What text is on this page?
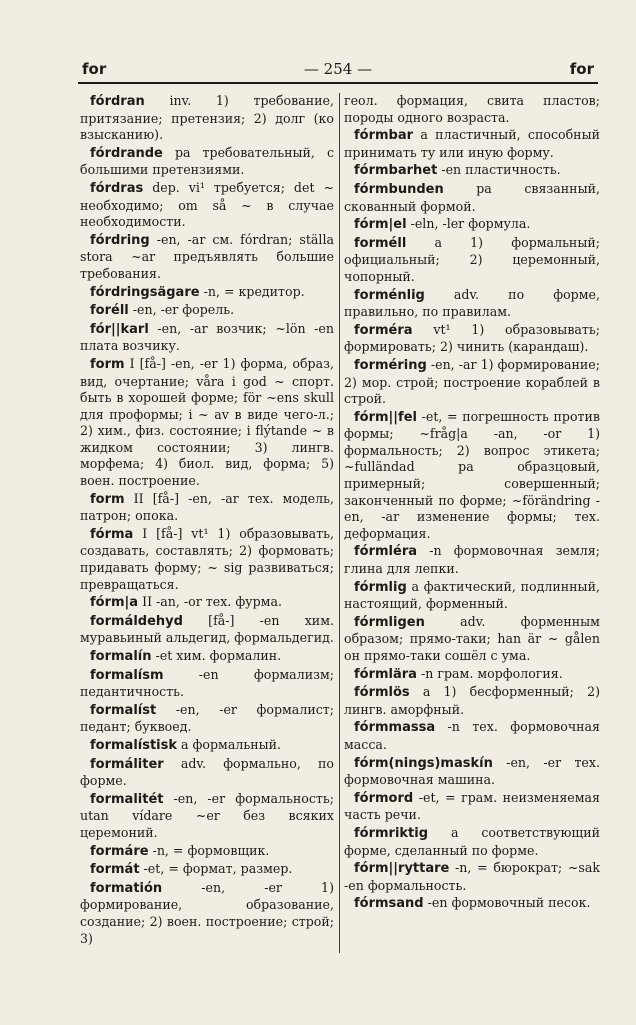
for	— 254 —	for

fórdran inv. 1) требование, притязание; претензия; 2) долг (ко взысканию).

fórdrande pa требовательный, с большими претензиями.

fórdras dep. vi¹ требуется; det ~ необходимо; om så ~ в случае необходимости.

fórdring -en, -ar см. fórdran; ställa stora ~ar предъявлять большие требования.

fórdringsägare -n, = кредитор.

foréll -en, -er форель.

fór||karl -en, -ar возчик; ~lön -en плата возчику.

form I [få-] -en, -er 1) форма, образ, вид, очертание; våra i god ~ спорт. быть в хорошей форме; för ~ens skull для проформы; i ~ av в виде чего-л.; 2) хим., физ. состояние; i flýtande ~ в жидком состоянии; 3) лингв. морфема; 4) биол. вид, форма; 5) воен. построение.

form II [få-] -en, -ar тех. модель, патрон; опока.

fórma I [få-] vt¹ 1) образовывать, создавать, составлять; 2) формовать; придавать форму; ~ sig развиваться; превращаться.

fórm|a II -an, -or тех. фурма.

formáldehyd [få-] -en хим. муравьиный альдегид, формальдегид.

formalín -et хим. формалин.

formalísm	-en формализм; педантичность.

formalíst -en, -er формалист; педант; буквоед.

formalístisk a формальный.

formáliter adv. формально, по форме.

formalitét -en, -er формальность; utan vídare ~er без всяких церемоний.

formáre -n, = формовщик.

formát -et, = формат, размер.

formatión	-en, -er 1) формирование, образование, создание; 2) воен. построение; строй; 3)

геол. формация, свита пластов; породы одного возраста.

fórmbar a пластичный, способный принимать ту или иную форму.

fórmbarhet -en пластичность.

fórmbunden	pa связанный, скованный формой.

fórm|el -eln, -ler формула.

forméll a 1) формальный; официальный; 2) церемонный, чопорный.

forménlig adv. по форме, правильно, по правилам.

forméra vt¹ 1) образовывать; формировать; 2) чинить (карандаш).

forméring -en, -ar 1) формирование; 2) мор. строй; построение кораблей в строй.

fórm||fel -et, = погрешность против формы; ~fråg|a -an, -or 1) формальность; 2) вопрос этикета; ~fulländad pa образцовый, примерный; совершенный; законченный по форме; ~förändring -en, -ar изменение формы; тех. деформация.

fórmléra -n формовочная земля; глина для лепки.

fórmlig a фактический, подлинный, настоящий, форменный.

fórmligen	adv. форменным образом; прямо-таки; han är ~ gålen он прямо-таки сошёл с ума.

fórmlära -n грам. морфология.

fórmlös a 1) бесформенный; 2) лингв. аморфный.

fórmmassa -n тех. формовочная масса.

fórm(nings)maskín -en, -er тех. формовочная машина.

fórmord -et, = грам. неизменяемая часть речи.

fórmriktig a соответствующий форме, сделанный по форме.

fórm||ryttare -n, = бюрократ; ~sak -en формальность.

fórmsand -en формовочный песок.
